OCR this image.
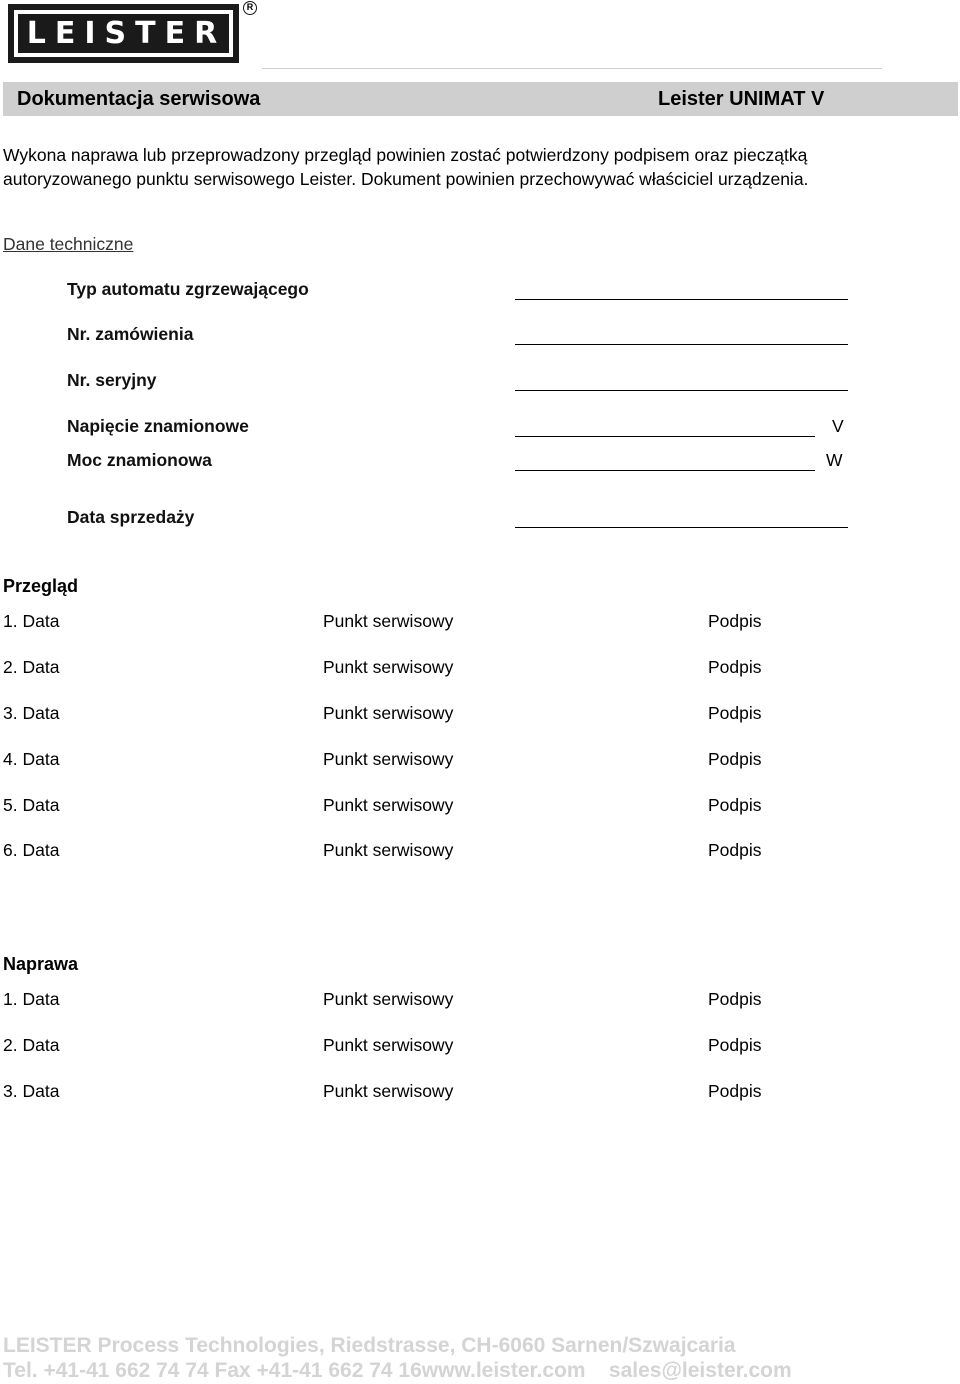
LEISTER
R
Dokumentacja serwisowa	Leister UNIMAT V
Wykona naprawa lub przeprowadzony przegląd powinien zostać potwierdzony podpisem oraz pieczątką
autoryzowanego punktu serwisowego Leister. Dokument powinien przechowywać właściciel urządzenia.
Dane techniczne
Typ automatu zgrzewającego
Nr. zamówienia
Nr. seryjny
Napięcie znamionowe	V
Moc znamionowa	W
Data sprzedaży
Przegląd
1. Data	Punkt serwisowy	Podpis
2. Data	Punkt serwisowy	Podpis
3. Data	Punkt serwisowy	Podpis
4. Data	Punkt serwisowy	Podpis
5. Data	Punkt serwisowy	Podpis
6. Data	Punkt serwisowy	Podpis
Naprawa
1. Data	Punkt serwisowy	Podpis
2. Data	Punkt serwisowy	Podpis
3. Data	Punkt serwisowy	Podpis
LEISTER Process Technologies, Riedstrasse, CH-6060 Sarnen/Szwajcaria
Tel. +41-41 662 74 74 Fax +41-41 662 74 16www.leister.com    sales@leister.com
